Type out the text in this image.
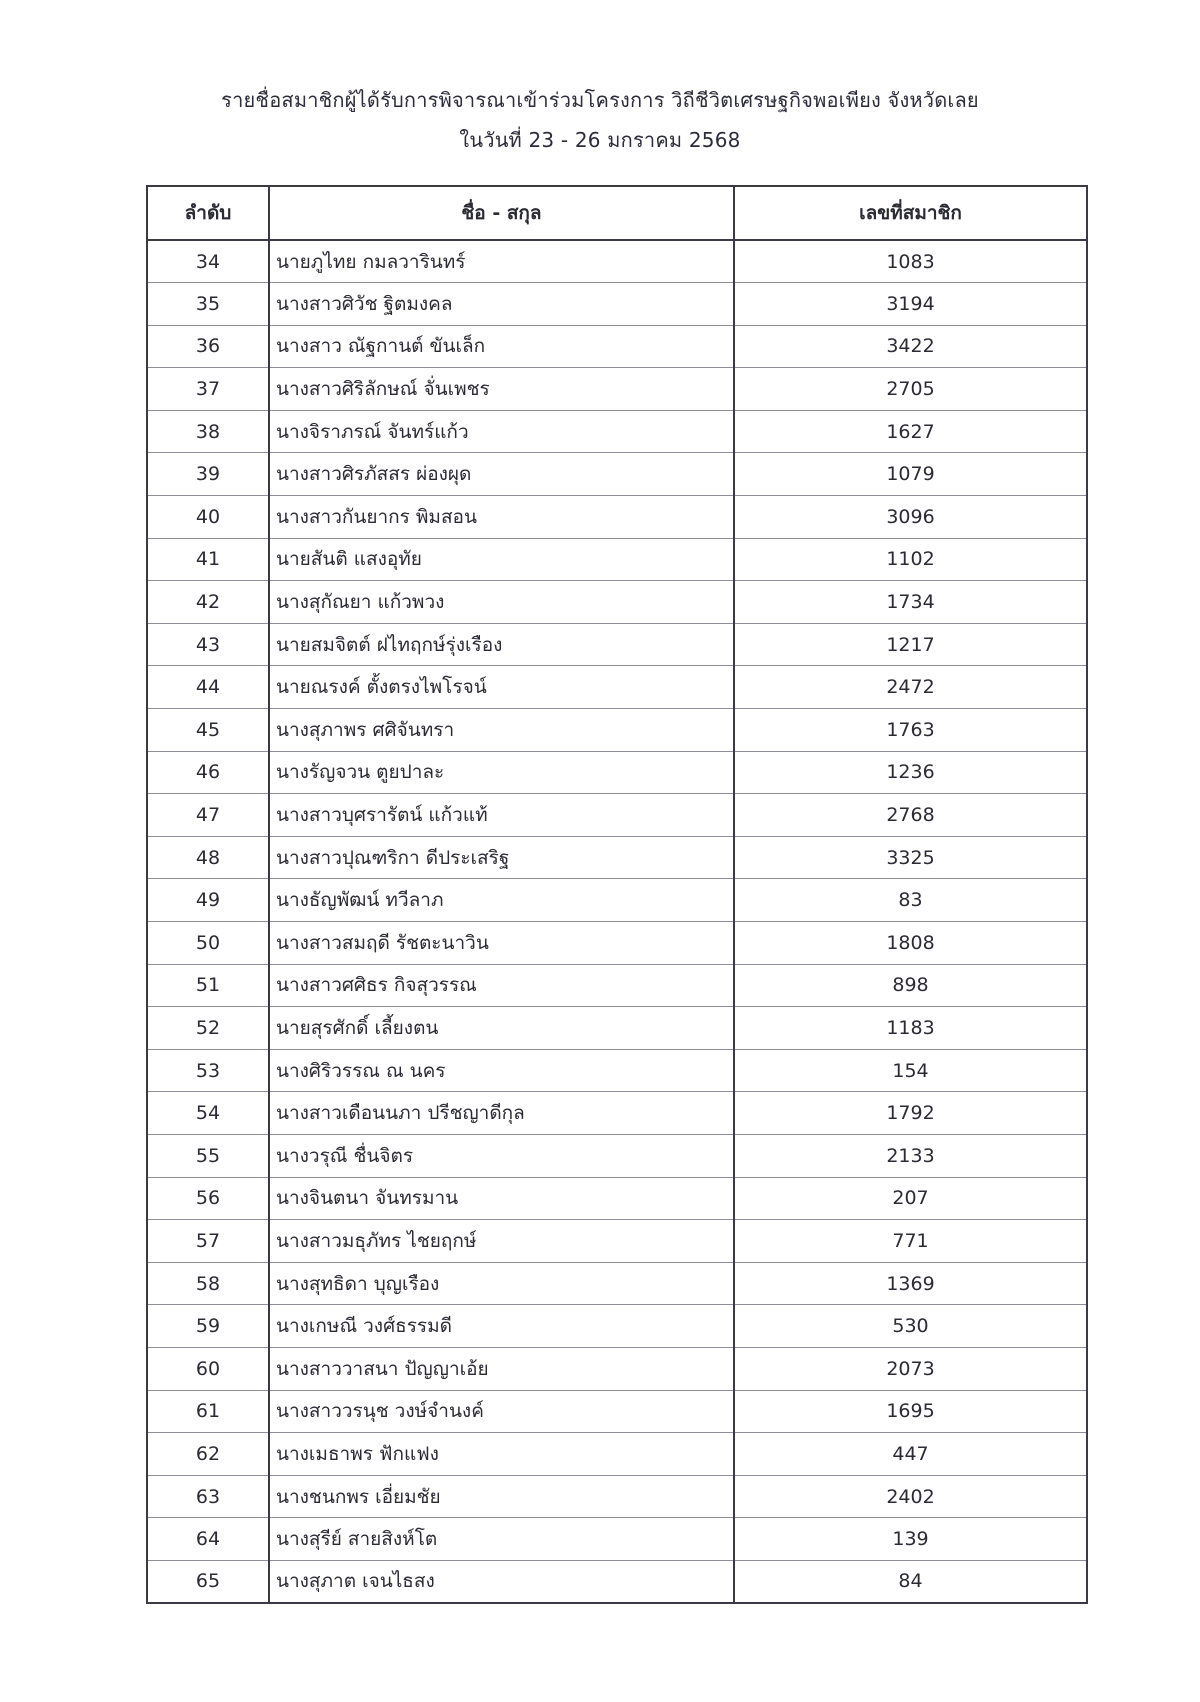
รายชื่อสมาชิกผู้ได้รับการพิจารณาเข้าร่วมโครงการ วิถีชีวิตเศรษฐกิจพอเพียง จังหวัดเลย
ในวันที่ 23 - 26 มกราคม 2568
ลำดับ	ชื่อ - สกุล	เลขที่สมาชิก
34	นายภูไทย กมลวารินทร์	1083
35	นางสาวศิวัช ฐิตมงคล	3194
36	นางสาว ณัฐกานต์ ขันเล็ก	3422
37	นางสาวศิริลักษณ์ จั่นเพชร	2705
38	นางจิราภรณ์ จันทร์แก้ว	1627
39	นางสาวศิรภัสสร ผ่องผุด	1079
40	นางสาวกันยากร พิมสอน	3096
41	นายสันติ แสงอุทัย	1102
42	นางสุกัณยา แก้วพวง	1734
43	นายสมจิตต์ ฝไทฤกษ์รุ่งเรือง	1217
44	นายณรงค์ ตั้งตรงไพโรจน์	2472
45	นางสุภาพร ศศิจันทรา	1763
46	นางรัญจวน ตูยปาละ	1236
47	นางสาวบุศรารัตน์ แก้วแท้	2768
48	นางสาวปุณฑริกา ดีประเสริฐ	3325
49	นางธัญพัฒน์ ทวีลาภ	83
50	นางสาวสมฤดี รัชตะนาวิน	1808
51	นางสาวศศิธร กิจสุวรรณ	898
52	นายสุรศักดิ์ เลี้ยงตน	1183
53	นางศิริวรรณ ณ นคร	154
54	นางสาวเดือนนภา ปรีชญาดีกุล	1792
55	นางวรุณี ชื่นจิตร	2133
56	นางจินตนา จันทรมาน	207
57	นางสาวมธุภัทร ไชยฤกษ์	771
58	นางสุทธิดา บุญเรือง	1369
59	นางเกษณี วงศ์ธรรมดี	530
60	นางสาววาสนา ปัญญาเอ้ย	2073
61	นางสาววรนุช วงษ์จำนงค์	1695
62	นางเมธาพร ฟักแฟง	447
63	นางชนกพร เอี่ยมชัย	2402
64	นางสุรีย์ สายสิงห์โต	139
65	นางสุภาต เจนไธสง	84
